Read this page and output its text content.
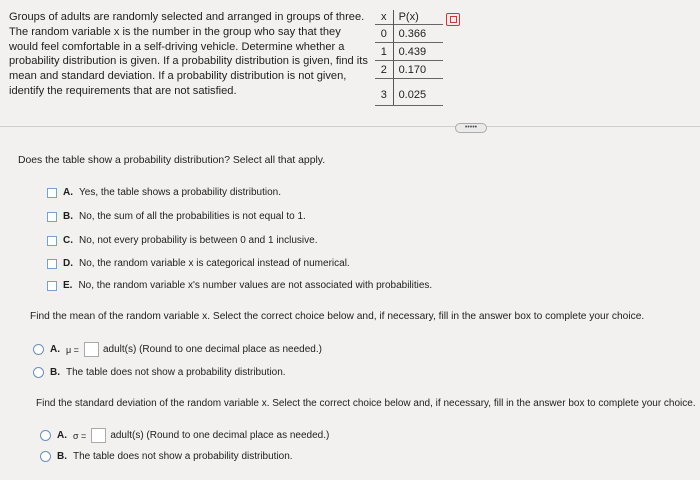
Groups of adults are randomly selected and arranged in groups of three.
The random variable x is the number in the group who say that they
would feel comfortable in a self-driving vehicle. Determine whether a
probability distribution is given. If a probability distribution is given, find its
mean and standard deviation. If a probability distribution is not given,
identify the requirements that are not satisfied.
x	P(x)
0	0.366
1	0.439
2	0.170
3	0.025
•••••
Does the table show a probability distribution? Select all that apply.
A. Yes, the table shows a probability distribution.
B. No, the sum of all the probabilities is not equal to 1.
C. No, not every probability is between 0 and 1 inclusive.
D. No, the random variable x is categorical instead of numerical.
E. No, the random variable x's number values are not associated with probabilities.
Find the mean of the random variable x. Select the correct choice below and, if necessary, fill in the answer box to complete your choice.
A. μ = adult(s) (Round to one decimal place as needed.)
B. The table does not show a probability distribution.
Find the standard deviation of the random variable x. Select the correct choice below and, if necessary, fill in the answer box to complete your choice.
A. σ = adult(s) (Round to one decimal place as needed.)
B. The table does not show a probability distribution.
